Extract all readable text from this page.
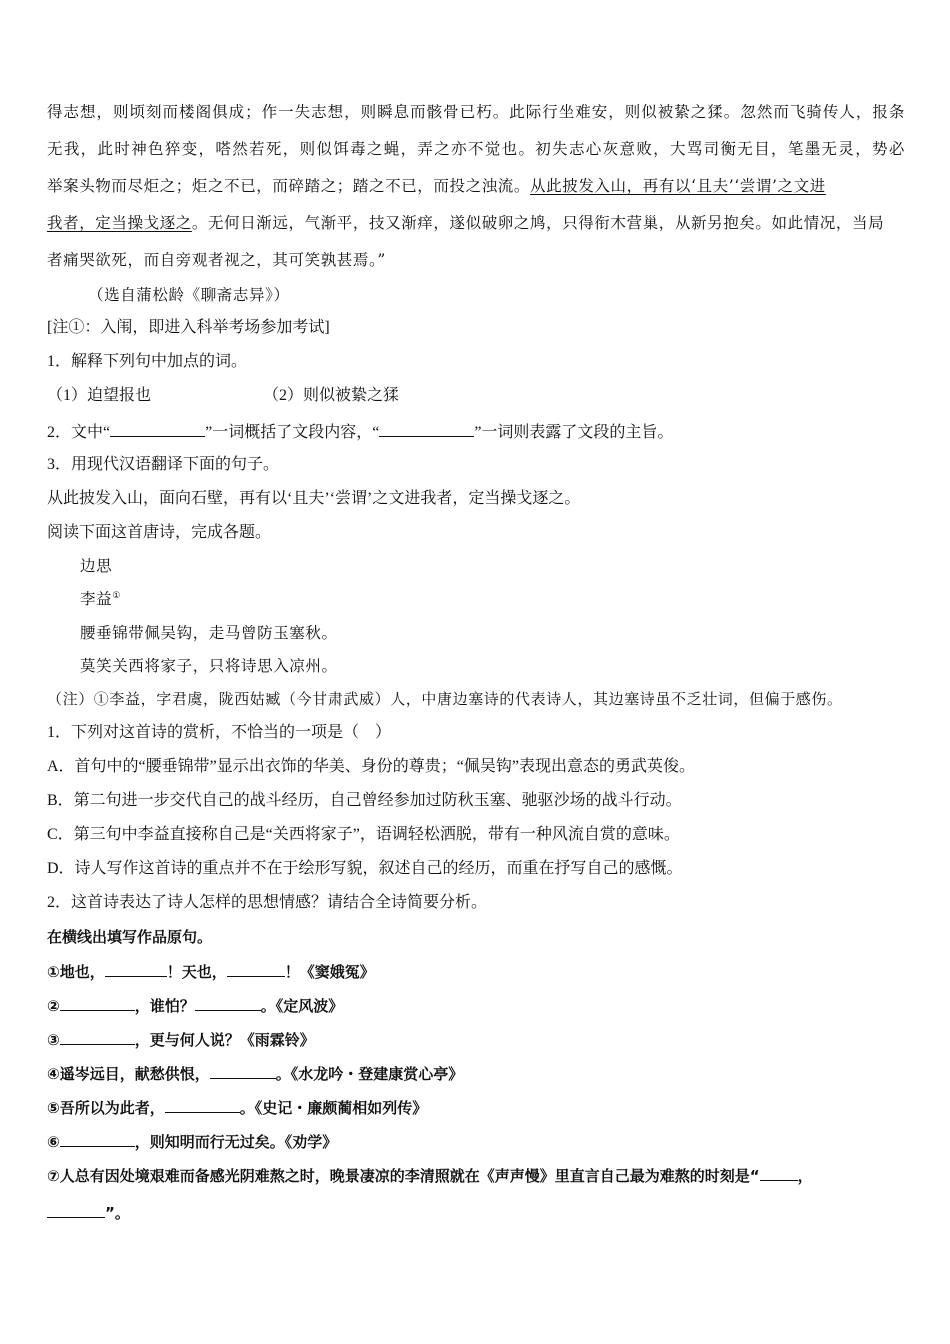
得志想，则顷刻而楼阁俱成；作一失志想，则瞬息而骸骨已朽。此际行坐难安，则似被絷之猱。忽然而飞骑传人，报条
无我，此时神色猝变，嗒然若死，则似饵毒之蝇，弄之亦不觉也。初失志心灰意败，大骂司衡无目，笔墨无灵，势必
举案头物而尽炬之；炬之不已，而碎踏之；踏之不已，而投之浊流。从此披发入山，再有以‘且夫’‘尝谓’之文进
我者，定当操戈逐之。无何日渐远，气渐平，技又渐痒，遂似破卵之鸠，只得衔木营巢，从新另抱矣。如此情况，当局
者痛哭欲死，而自旁观者视之，其可笑孰甚焉。”
（选自蒲松龄《聊斋志异》）
[注①：入闱，即进入科举考场参加考试]
1．解释下列句中加点的词。
（1）迫望报也	（2）则似被絷之猱
2．文中“	”一词概括了文段内容，“	”一词则表露了文段的主旨。
3．用现代汉语翻译下面的句子。
从此披发入山，面向石壁，再有以‘且夫’‘尝谓’之文进我者，定当操戈逐之。
阅读下面这首唐诗，完成各题。
边思
李益①
腰垂锦带佩吴钩，走马曾防玉塞秋。
莫笑关西将家子，只将诗思入凉州。
（注）①李益，字君虞，陇西姑臧（今甘肃武威）人，中唐边塞诗的代表诗人，其边塞诗虽不乏壮词，但偏于感伤。
1．下列对这首诗的赏析，不恰当的一项是（　）
A．首句中的“腰垂锦带”显示出衣饰的华美、身份的尊贵；“佩吴钩”表现出意态的勇武英俊。
B．第二句进一步交代自己的战斗经历，自己曾经参加过防秋玉塞、驰驱沙场的战斗行动。
C．第三句中李益直接称自己是“关西将家子”，语调轻松洒脱，带有一种风流自赏的意味。
D．诗人写作这首诗的重点并不在于绘形写貌，叙述自己的经历，而重在抒写自己的感慨。
2．这首诗表达了诗人怎样的思想情感？请结合全诗简要分析。
在横线出填写作品原句。
①地也，	！天也，	！《窦娥冤》
②	，谁怕？	。《定风波》
③	，更与何人说？《雨霖铃》
④遥岑远目，献愁供恨，	。《水龙吟・登建康赏心亭》
⑤吾所以为此者，	。《史记・廉颇蔺相如列传》
⑥	，则知明而行无过矣。《劝学》
⑦人总有因处境艰难而备感光阴难熬之时，晚景凄凉的李清照就在《声声慢》里直言自己最为难熬的时刻是“	，
”。
